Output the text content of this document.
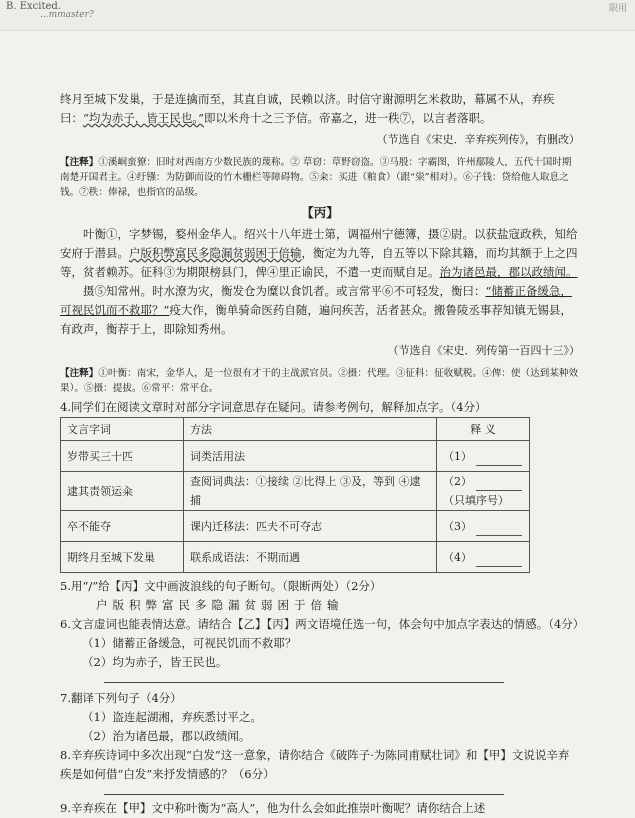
B. Excited.
...mmaster?
限用

终月至城下发巢，于是连擒而至，其直自诚，民赖以济。时信守谢源明乞米救助，幕属不从，弃疾曰：“均为赤子，皆王民也。”即以米舟十之三予信。帝嘉之，进一秩⑦，以言者落职。

（节选自《宋史．辛弃疾列传》，有删改）
【注释】①溪峒蛮獠：旧时对西南方少数民族的蔑称。② 草窃：草野窃盗。③马殷：字霸图，许州鄢陵人，五代十国时期南楚开国君主。④纡镪：为防御而设的竹木栅栏等障碍物。⑤籴：买进（粮食）（跟“粜”相对）。⑥子钱：贷给他人取息之钱。⑦秩：俸禄，也指官的品级。
【丙】

叶衡①，字梦锡，婺州金华人。绍兴十八年进士第，调福州宁德簿，摄②尉。以获盐寇政秩，知给安府于潜县。户版积弊富民多隐漏贫弱困于倍输，衡定为九等，自五等以下除其籍，而均其额于上之四等，贫者赖苏。征科③为期限榜县门，俾④里正谕民，不遣一吏而赋自足。治为诸邑最，郡以政绩闻。

摄⑤知常州。时水潦为灾，衡发仓为糜以食饥者。或言常平⑥不可轻发，衡曰：“储蓄正备缓急，可视民饥而不救耶？”疫大作，衡单骑命医药自随，遍问疾苦，活者甚众。搬鲁陵丞事荐知镇无锡县，有政声，衡荐于上，即除知秀州。

（节选自《宋史．列传第一百四十三》）
【注释】①叶衡：南宋，金华人，是一位很有才干的主战派官员。②摄：代理。③征科：征收赋税。④俾：使（达到某种效果）。⑤摄：提拔。⑥常平：常平仓。

4.同学们在阅读文章时对部分字词意思存在疑问。请参考例句，解释加点字。（4分）

文言字词	方法	释 义
岁带买三十匹	词类活用法	（1）
逮其责领运籴	查阅词典法：①接续 ②比得上 ③及，等到 ④逮捕	（2）
（只填序号）
卒不能夺	课内迁移法：匹夫不可夺志	（3）
期终月至城下发巢	联系成语法：不期而遇	（4）

5.用“/”给【丙】文中画波浪线的句子断句。（限断两处）（2分）

户版积弊富民多隐漏贫弱困于倍输

6.文言虚词也能表情达意。请结合【乙】【丙】两文语境任选一句，体会句中加点字表达的情感。（4分）

（1）储蓄正备缓急，可视民饥而不救耶？

（2）均为赤子，皆王民也。

7.翻译下列句子（4分）

（1）盗连起湖湘，弃疾悉讨平之。

（2）治为诸邑最，郡以政绩闻。

8.辛弃疾诗词中多次出现“白发”这一意象，请你结合《破阵子·为陈同甫赋壮词》和【甲】文说说辛弃疾是如何借“白发”来抒发情感的？（6分）

9.辛弃疾在【甲】文中称叶衡为“高人”，他为什么会如此推崇叶衡呢？请你结合上述
